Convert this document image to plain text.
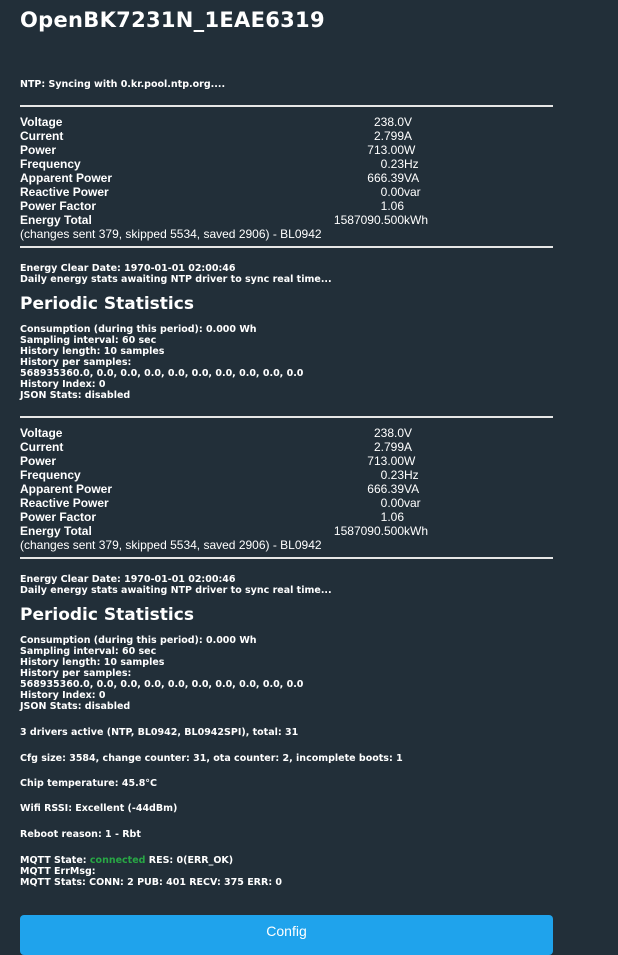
OpenBK7231N_1EAE6319
NTP: Syncing with 0.kr.pool.ntp.org....
Voltage	238.0	V
Current	2.799	A
Power	713.00	W
Frequency	0.23	Hz
Apparent Power	666.39	VA
Reactive Power	0.00	var
Power Factor	1.06	
Energy Total	1587090.500	kWh
(changes sent 379, skipped 5534, saved 2906) - BL0942
Energy Clear Date: 1970-01-01 02:00:46
Daily energy stats awaiting NTP driver to sync real time...
Periodic Statistics
Consumption (during this period): 0.000 Wh
Sampling interval: 60 sec
History length: 10 samples
History per samples:
568935360.0, 0.0, 0.0, 0.0, 0.0, 0.0, 0.0, 0.0, 0.0, 0.0
History Index: 0
JSON Stats: disabled
Voltage	238.0	V
Current	2.799	A
Power	713.00	W
Frequency	0.23	Hz
Apparent Power	666.39	VA
Reactive Power	0.00	var
Power Factor	1.06	
Energy Total	1587090.500	kWh
(changes sent 379, skipped 5534, saved 2906) - BL0942
Energy Clear Date: 1970-01-01 02:00:46
Daily energy stats awaiting NTP driver to sync real time...
Periodic Statistics
Consumption (during this period): 0.000 Wh
Sampling interval: 60 sec
History length: 10 samples
History per samples:
568935360.0, 0.0, 0.0, 0.0, 0.0, 0.0, 0.0, 0.0, 0.0, 0.0
History Index: 0
JSON Stats: disabled
3 drivers active (NTP, BL0942, BL0942SPI), total: 31
Cfg size: 3584, change counter: 31, ota counter: 2, incomplete boots: 1
Chip temperature: 45.8°C
Wifi RSSI: Excellent (-44dBm)
Reboot reason: 1 - Rbt
MQTT State: connected RES: 0(ERR_OK)
MQTT ErrMsg:
MQTT Stats: CONN: 2 PUB: 401 RECV: 375 ERR: 0
Config
